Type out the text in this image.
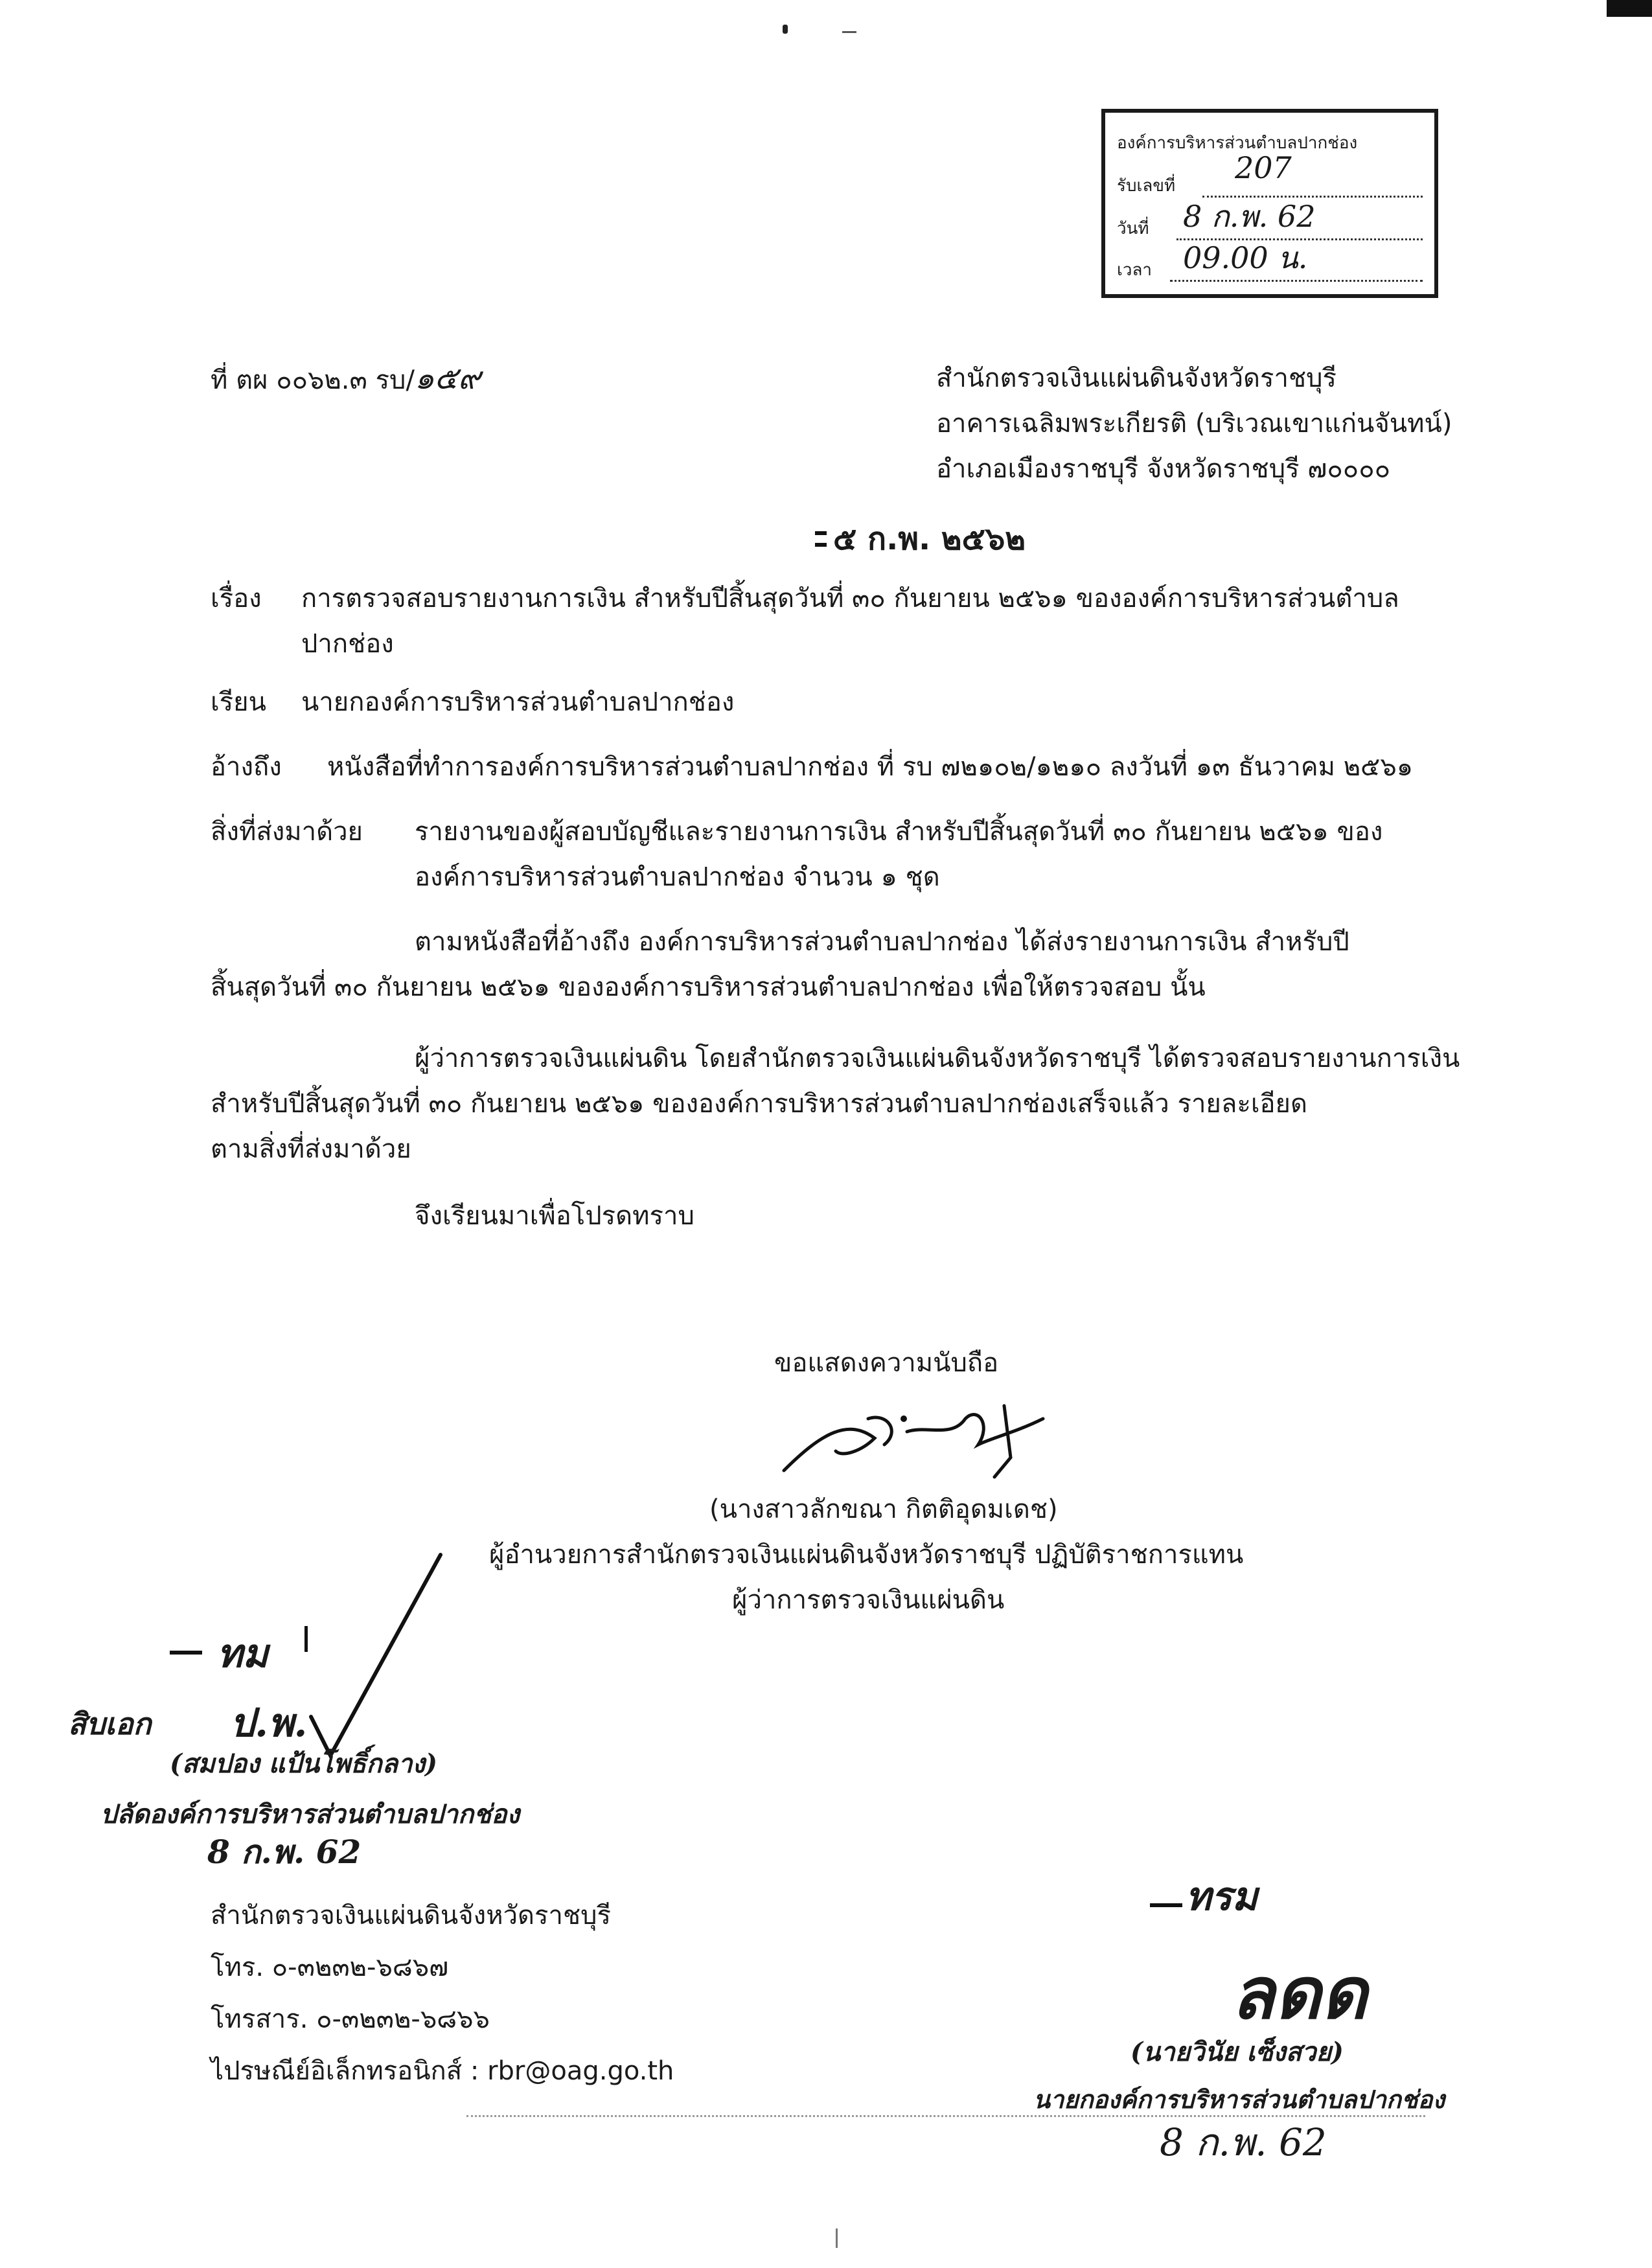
องค์การบริหารส่วนตำบลปากช่อง
รับเลขที่
207
วันที่ 8 ก.พ. 62
เวลา 09.00 น.
ที่ ตผ ๐๐๖๒.๓ รบ/๑๕๙	สำนักตรวจเงินแผ่นดินจังหวัดราชบุรี
อาคารเฉลิมพระเกียรติ (บริเวณเขาแก่นจันทน์)
อำเภอเมืองราชบุรี จังหวัดราชบุรี ๗๐๐๐๐
๕ ก.พ. ๒๕๖๒
เรื่อง การตรวจสอบรายงานการเงิน สำหรับปีสิ้นสุดวันที่ ๓๐ กันยายน ๒๕๖๑ ขององค์การบริหารส่วนตำบล
ปากช่อง
เรียน นายกองค์การบริหารส่วนตำบลปากช่อง
อ้างถึง หนังสือที่ทำการองค์การบริหารส่วนตำบลปากช่อง ที่ รบ ๗๒๑๐๒/๑๒๑๐ ลงวันที่ ๑๓ ธันวาคม ๒๕๖๑
สิ่งที่ส่งมาด้วย รายงานของผู้สอบบัญชีและรายงานการเงิน สำหรับปีสิ้นสุดวันที่ ๓๐ กันยายน ๒๕๖๑ ของ
องค์การบริหารส่วนตำบลปากช่อง จำนวน ๑ ชุด
ตามหนังสือที่อ้างถึง องค์การบริหารส่วนตำบลปากช่อง ได้ส่งรายงานการเงิน สำหรับปี
สิ้นสุดวันที่ ๓๐ กันยายน ๒๕๖๑ ขององค์การบริหารส่วนตำบลปากช่อง เพื่อให้ตรวจสอบ นั้น
ผู้ว่าการตรวจเงินแผ่นดิน โดยสำนักตรวจเงินแผ่นดินจังหวัดราชบุรี ได้ตรวจสอบรายงานการเงิน
สำหรับปีสิ้นสุดวันที่ ๓๐ กันยายน ๒๕๖๑ ขององค์การบริหารส่วนตำบลปากช่องเสร็จแล้ว รายละเอียด
ตามสิ่งที่ส่งมาด้วย
จึงเรียนมาเพื่อโปรดทราบ
ขอแสดงความนับถือ
(นางสาวลักขณา กิตติอุดมเดช)
ผู้อำนวยการสำนักตรวจเงินแผ่นดินจังหวัดราชบุรี ปฏิบัติราชการแทน
ผู้ว่าการตรวจเงินแผ่นดิน
ทม
สิบเอก ป.พ.
(สมปอง แป้นโพธิ์กลาง)
ปลัดองค์การบริหารส่วนตำบลปากช่อง
8 ก.พ. 62
สำนักตรวจเงินแผ่นดินจังหวัดราชบุรี
โทร. ๐-๓๒๓๒-๖๘๖๗
โทรสาร. ๐-๓๒๓๒-๖๘๖๖
ไปรษณีย์อิเล็กทรอนิกส์ : rbr@oag.go.th
ทรม
ลดด
(นายวินัย เซ็งสวย)
นายกองค์การบริหารส่วนตำบลปากช่อง
8 ก.พ. 62
